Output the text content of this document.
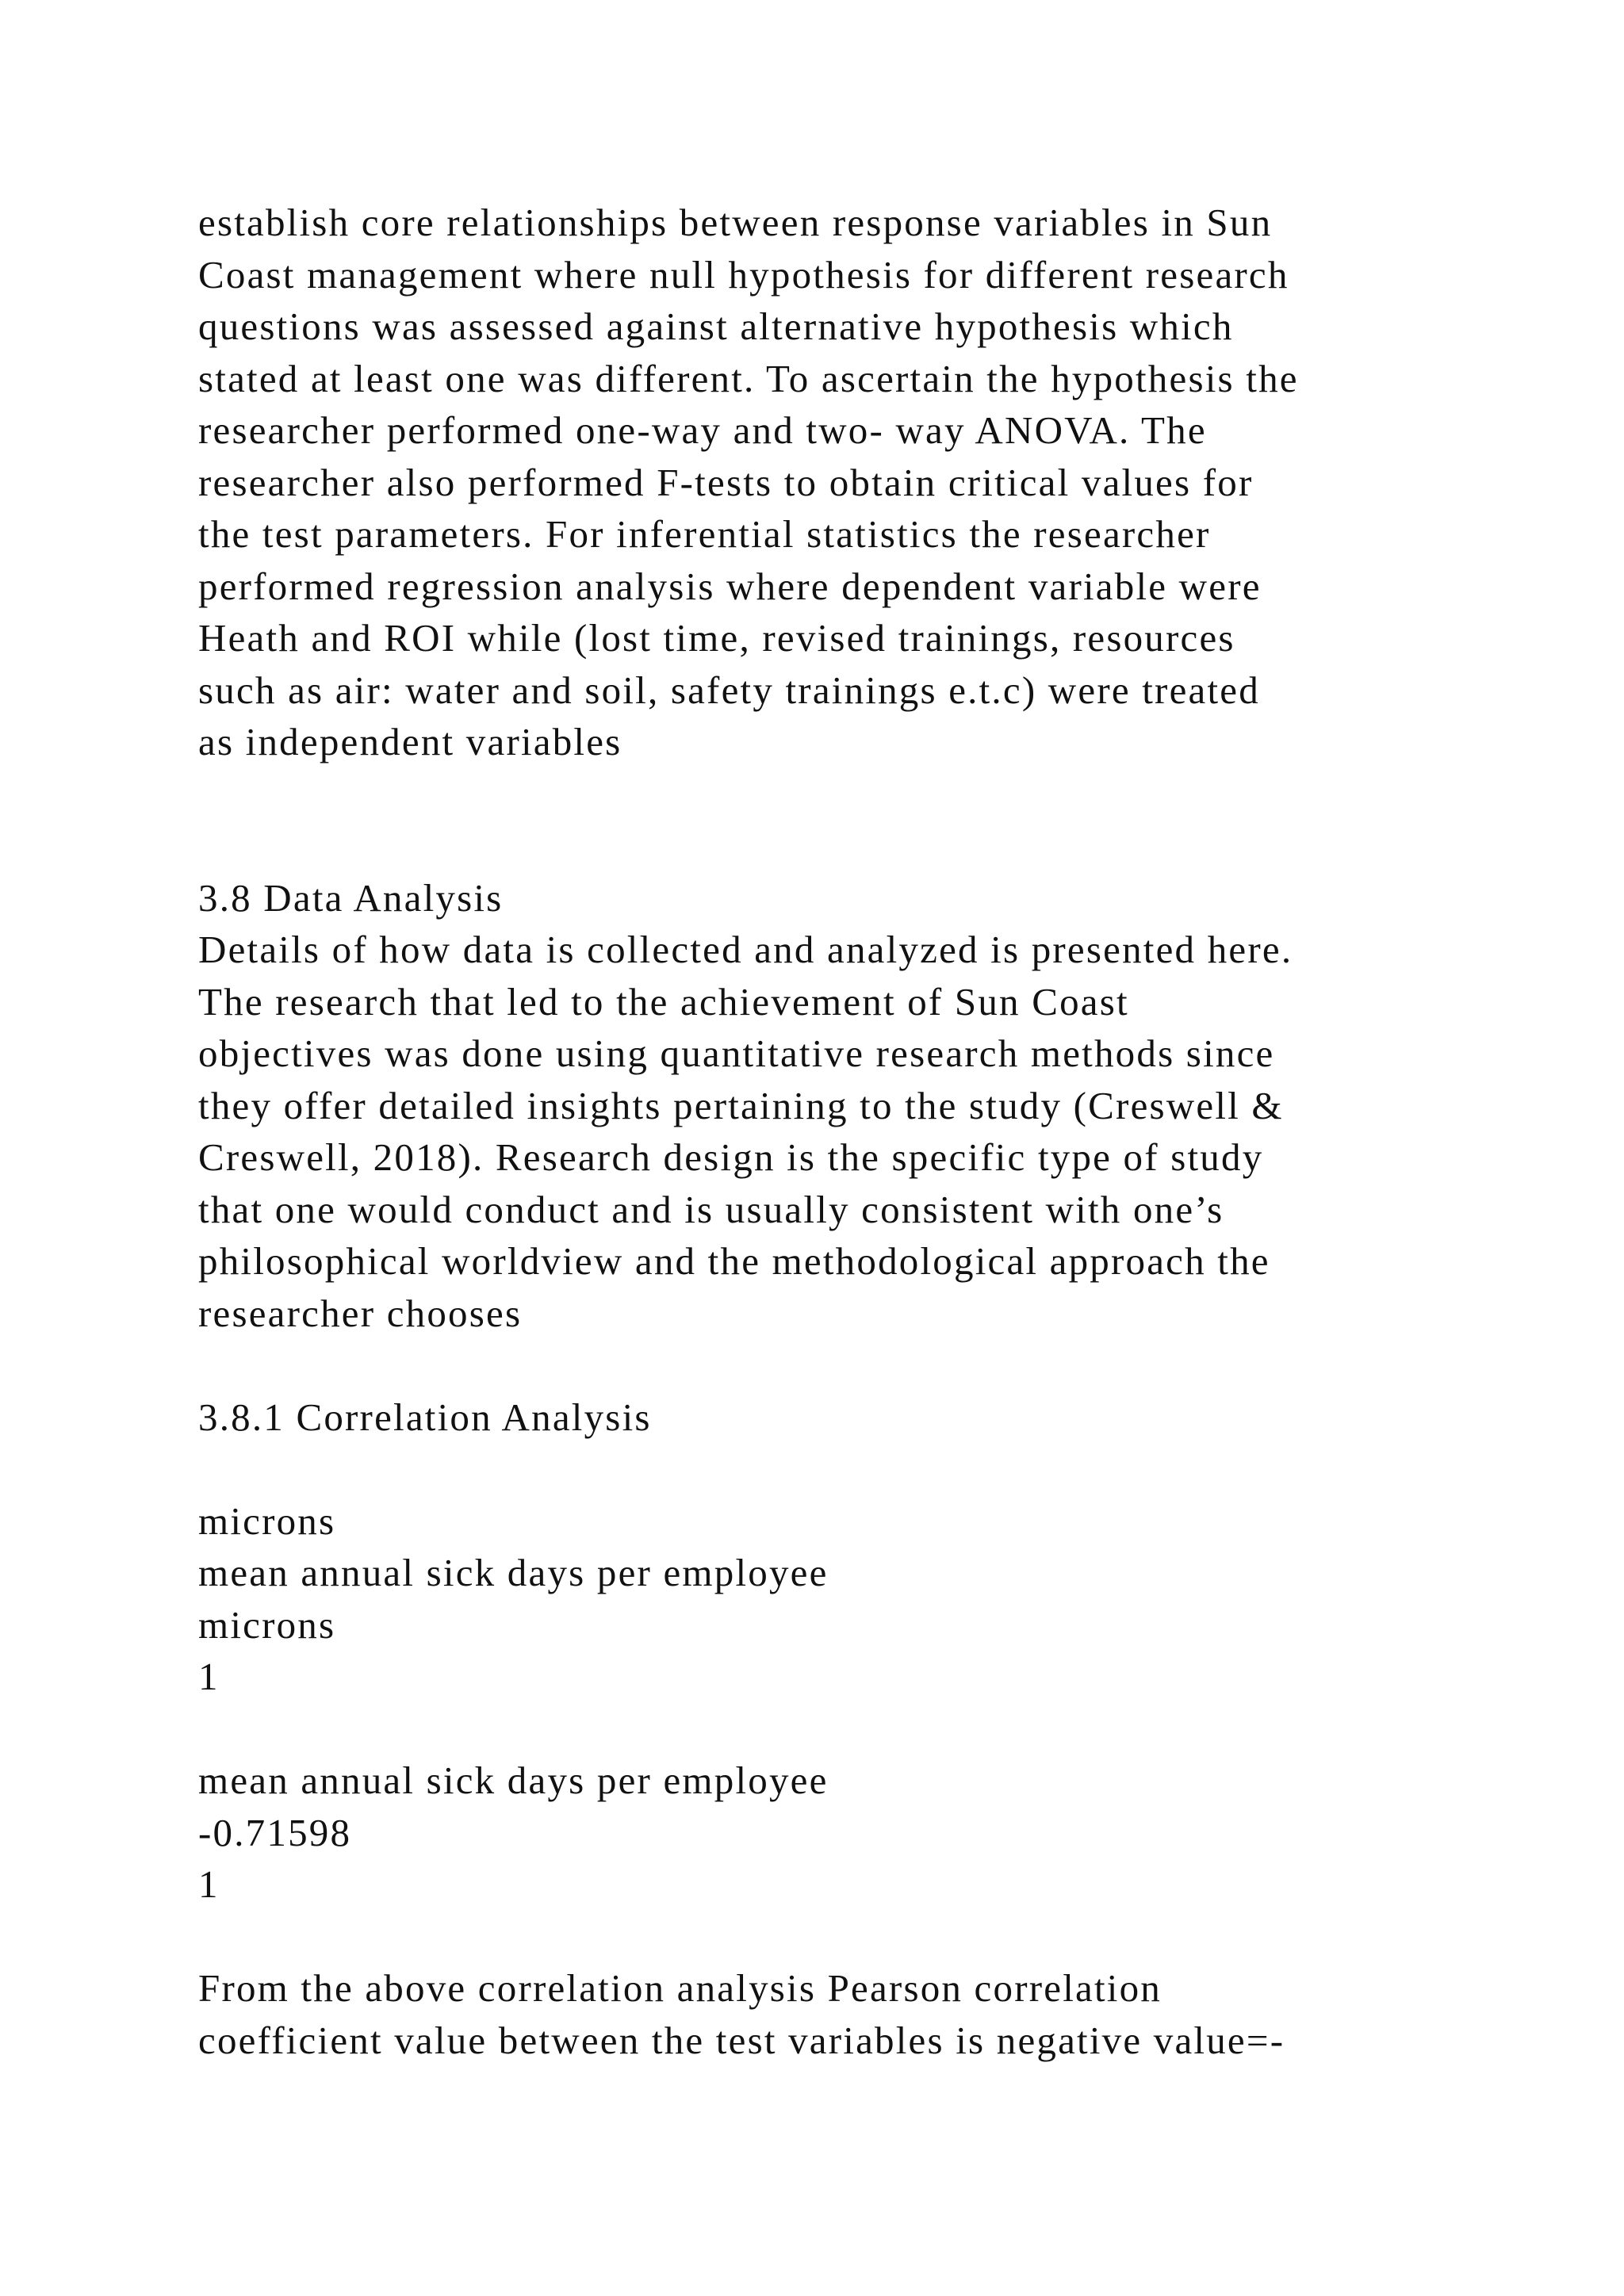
establish core relationships between response variables in Sun
Coast management where null hypothesis for different research
questions was assessed against alternative hypothesis which
stated at least one was different. To ascertain the hypothesis the
researcher performed one-way and two- way ANOVA. The
researcher also performed F-tests to obtain critical values for
the test parameters. For inferential statistics the researcher
performed regression analysis where dependent variable were
Heath and ROI while (lost time, revised trainings, resources
such as air: water and soil, safety trainings e.t.c) were treated
as independent variables
3.8 Data Analysis
Details of how data is collected and analyzed is presented here.
The research that led to the achievement of Sun Coast
objectives was done using quantitative research methods since
they offer detailed insights pertaining to the study (Creswell &
Creswell, 2018). Research design is the specific type of study
that one would conduct and is usually consistent with one’s
philosophical worldview and the methodological approach the
researcher chooses
3.8.1 Correlation Analysis
microns
mean annual sick days per employee
microns
1
mean annual sick days per employee
-0.71598
1
From the above correlation analysis Pearson correlation
coefficient value between the test variables is negative value=-
